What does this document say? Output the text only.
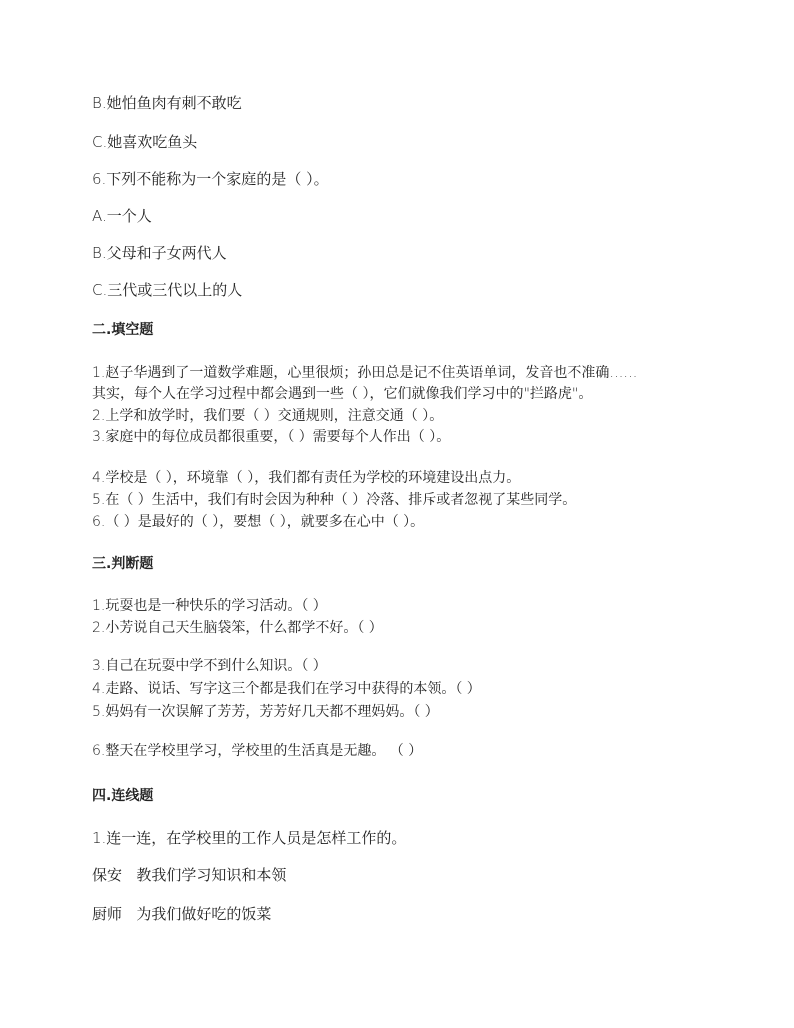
B.她怕鱼肉有刺不敢吃

C.她喜欢吃鱼头

6.下列不能称为一个家庭的是（ ）。

A.一个人

B.父母和子女两代人

C.三代或三代以上的人

二.填空题

1.赵子华遇到了一道数学难题，心里很烦；孙田总是记不住英语单词，发音也不准确……

其实，每个人在学习过程中都会遇到一些（ ），它们就像我们学习中的"拦路虎"。

2.上学和放学时，我们要（ ）交通规则，注意交通（ ）。

3.家庭中的每位成员都很重要，（ ）需要每个人作出（ ）。

4.学校是（ ），环境靠（ ），我们都有责任为学校的环境建设出点力。

5.在（ ）生活中，我们有时会因为种种（ ）冷落、排斥或者忽视了某些同学。

6.（ ）是最好的（ ），要想（ ），就要多在心中（ ）。

三.判断题

1.玩耍也是一种快乐的学习活动。（ ）

2.小芳说自己天生脑袋笨，什么都学不好。（ ）

3.自己在玩耍中学不到什么知识。（ ）

4.走路、说话、写字这三个都是我们在学习中获得的本领。（ ）

5.妈妈有一次误解了芳芳，芳芳好几天都不理妈妈。（ ）

6.整天在学校里学习，学校里的生活真是无趣。 （ ）

四.连线题

1.连一连，在学校里的工作人员是怎样工作的。

保安 教我们学习知识和本领

厨师 为我们做好吃的饭菜
